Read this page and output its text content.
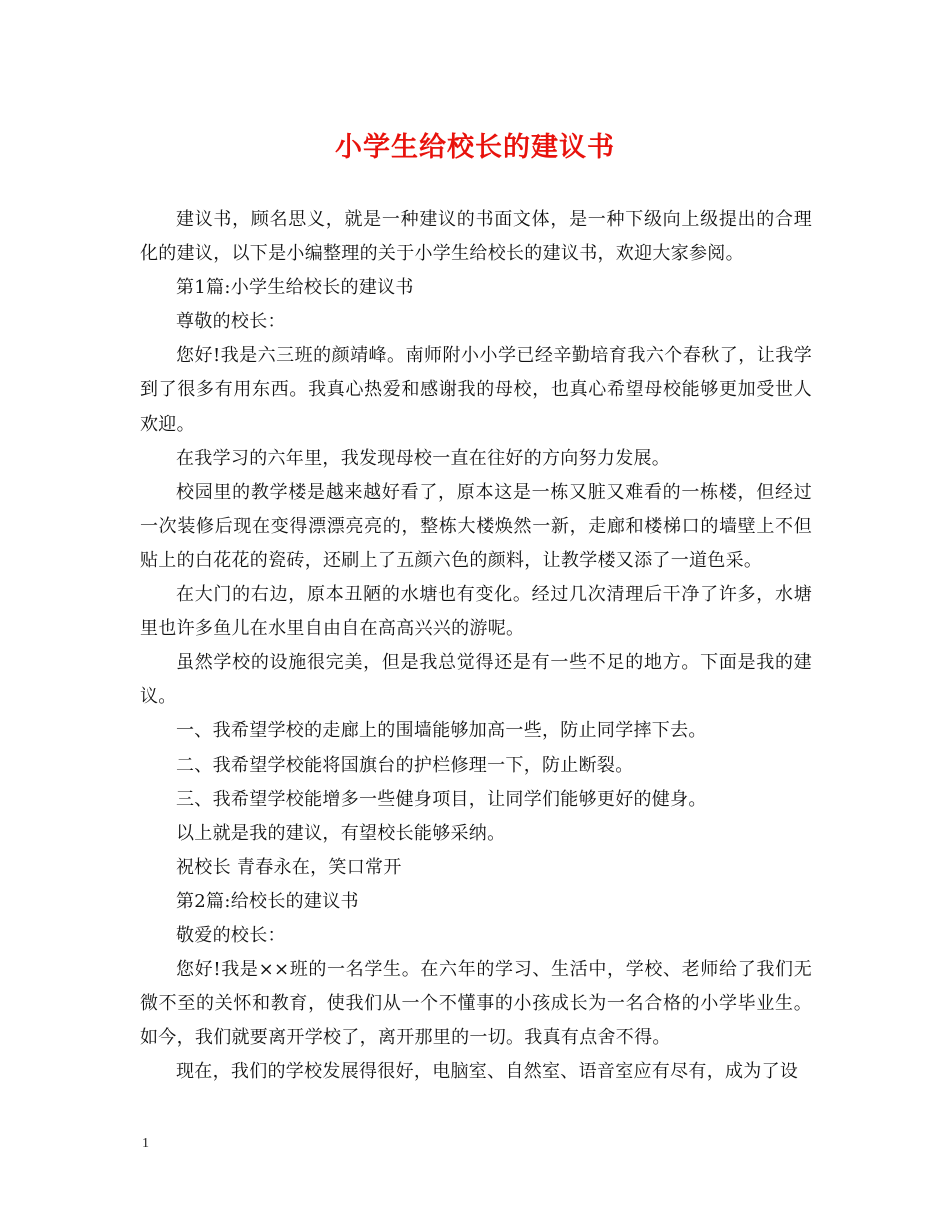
小学生给校长的建议书

建议书，顾名思义，就是一种建议的书面文体，是一种下级向上级提出的合理化的建议，以下是小编整理的关于小学生给校长的建议书，欢迎大家参阅。

第1篇:小学生给校长的建议书

尊敬的校长：

您好!我是六三班的颜靖峰。南师附小小学已经辛勤培育我六个春秋了，让我学到了很多有用东西。我真心热爱和感谢我的母校，也真心希望母校能够更加受世人欢迎。

在我学习的六年里，我发现母校一直在往好的方向努力发展。

校园里的教学楼是越来越好看了，原本这是一栋又脏又难看的一栋楼，但经过一次装修后现在变得漂漂亮亮的，整栋大楼焕然一新，走廊和楼梯口的墙壁上不但贴上的白花花的瓷砖，还刷上了五颜六色的颜料，让教学楼又添了一道色采。

在大门的右边，原本丑陋的水塘也有变化。经过几次清理后干净了许多，水塘里也许多鱼儿在水里自由自在高高兴兴的游呢。

虽然学校的设施很完美，但是我总觉得还是有一些不足的地方。下面是我的建议。

一、我希望学校的走廊上的围墙能够加高一些，防止同学摔下去。

二、我希望学校能将国旗台的护栏修理一下，防止断裂。

三、我希望学校能增多一些健身项目，让同学们能够更好的健身。

以上就是我的建议，有望校长能够采纳。

祝校长 青春永在，笑口常开

第2篇:给校长的建议书

敬爱的校长：

您好!我是××班的一名学生。在六年的学习、生活中，学校、老师给了我们无微不至的关怀和教育，使我们从一个不懂事的小孩成长为一名合格的小学毕业生。如今，我们就要离开学校了，离开那里的一切。我真有点舍不得。

现在，我们的学校发展得很好，电脑室、自然室、语音室应有尽有，成为了设

1
